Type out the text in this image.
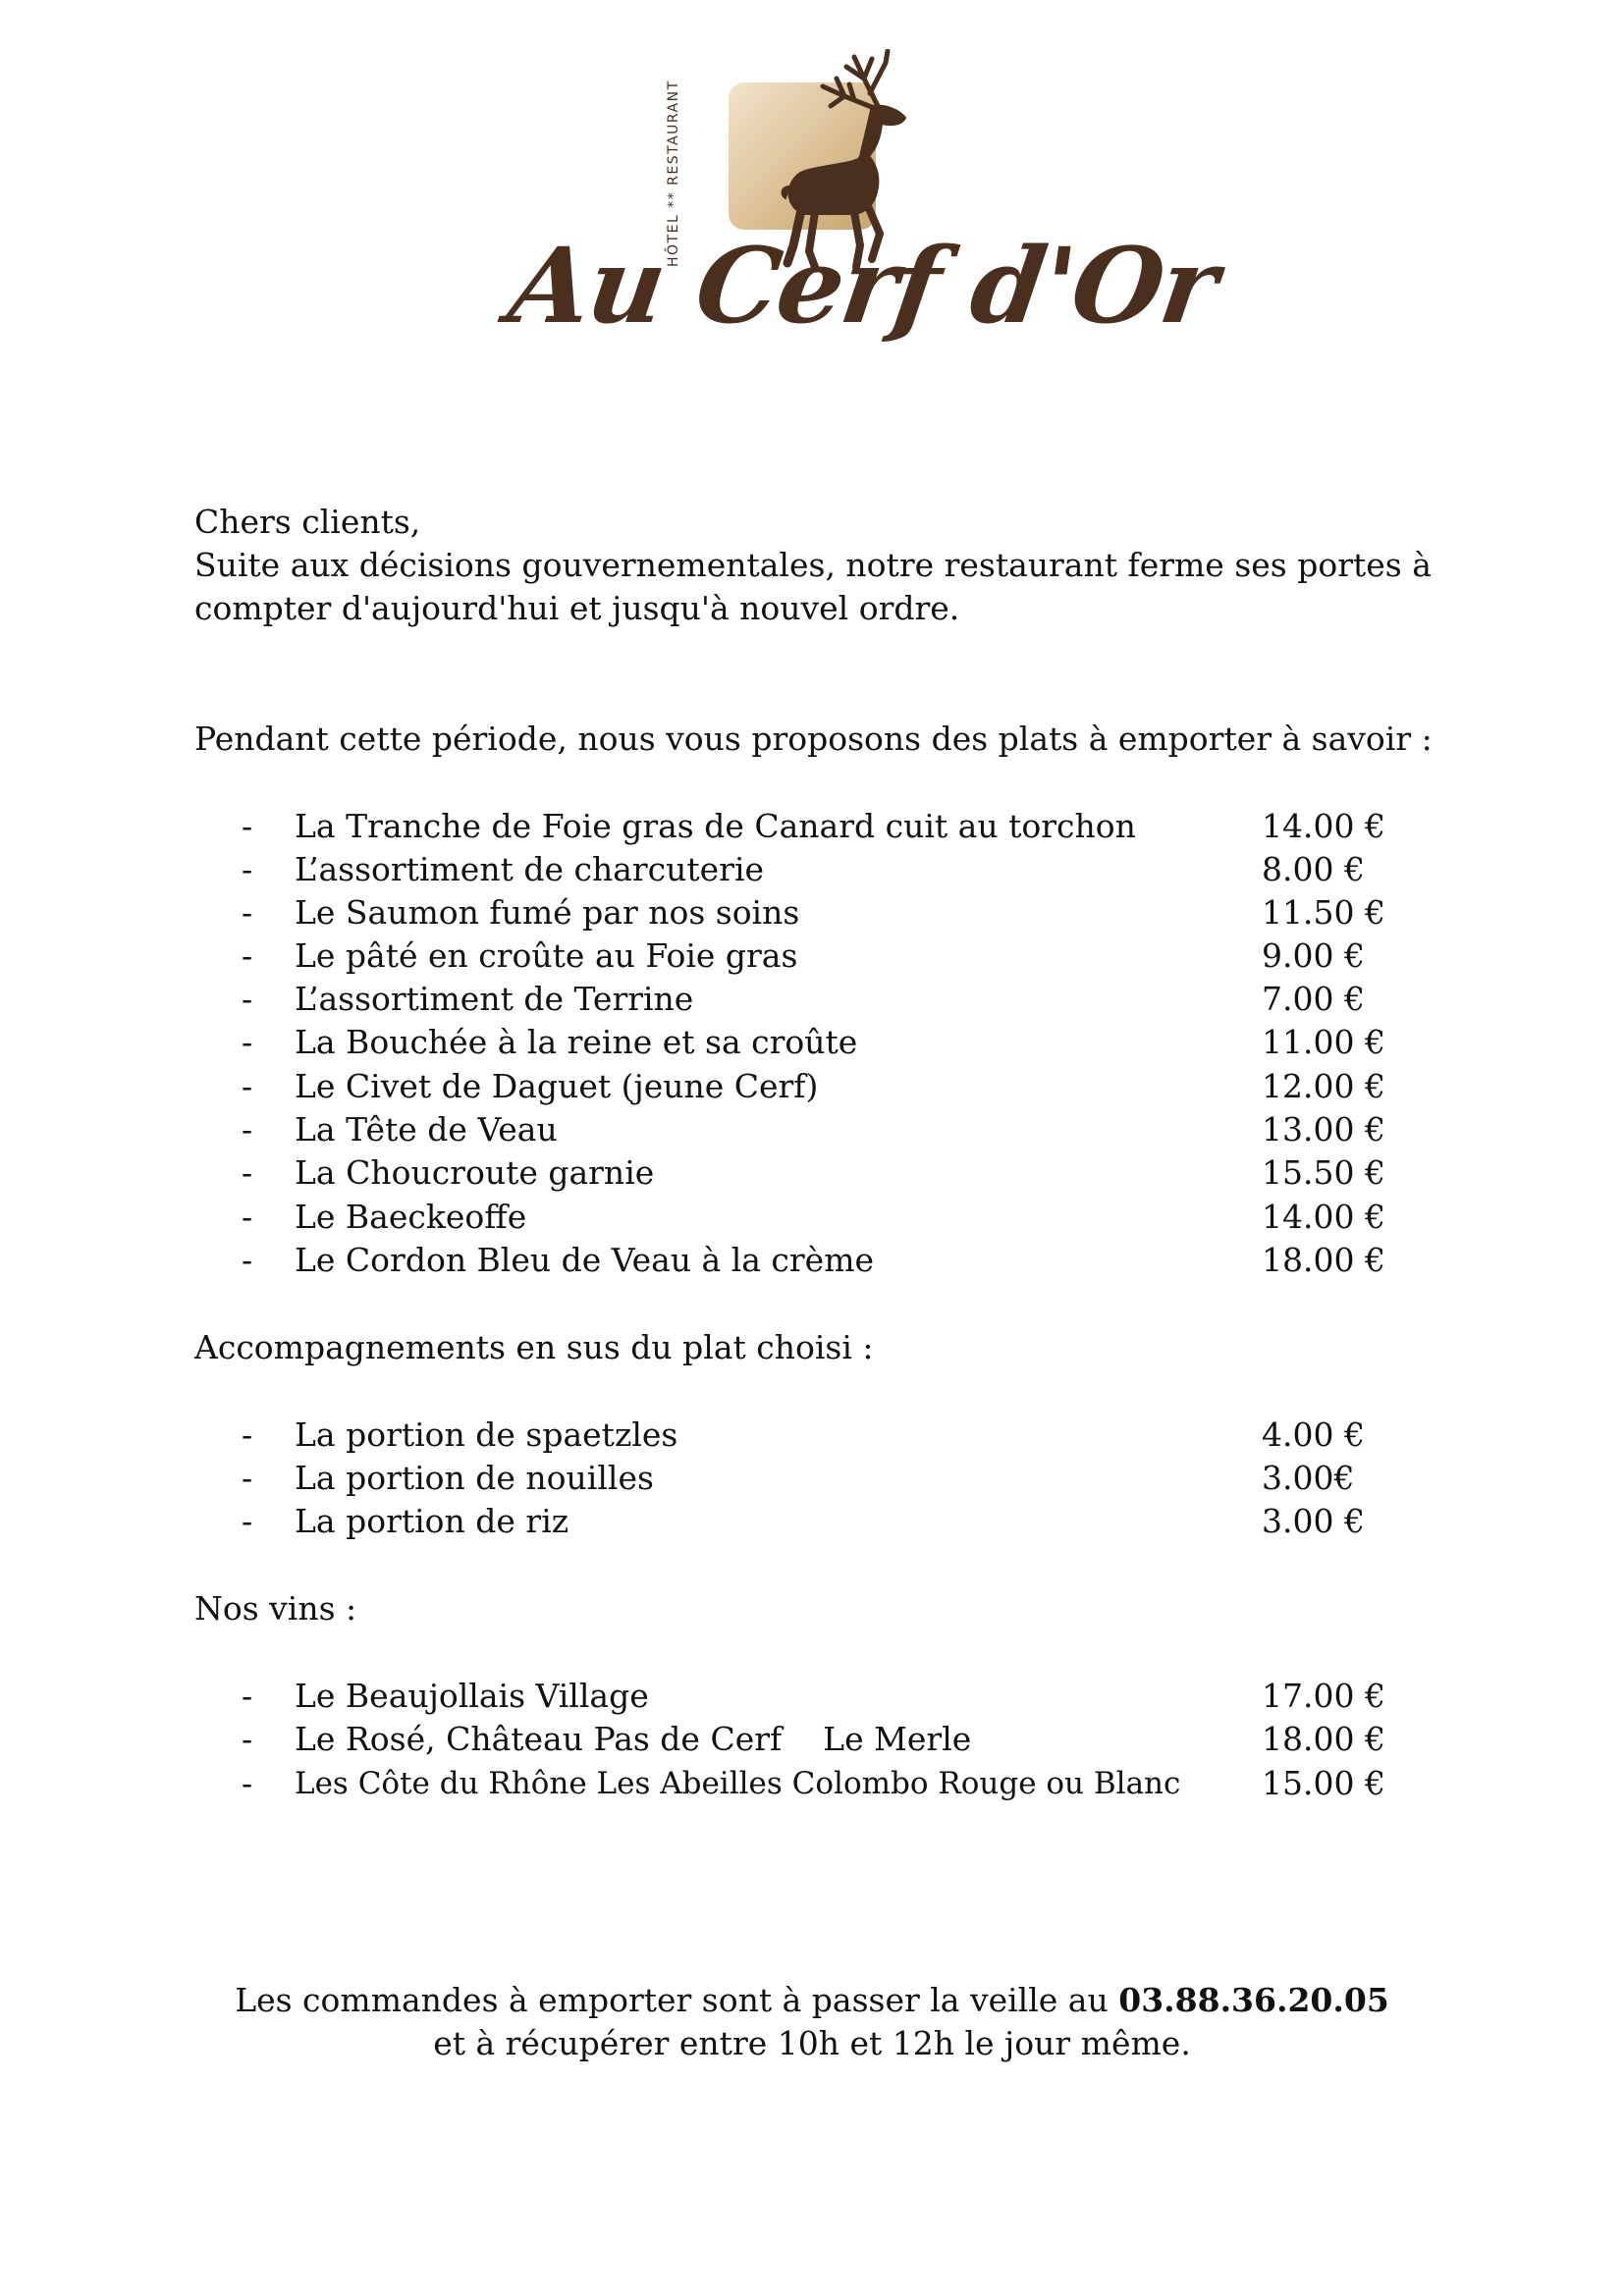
HÔTEL ** RESTAURANT
Au Cerf d'Or
Chers clients,
Suite aux décisions gouvernementales, notre restaurant ferme ses portes à
compter d'aujourd'hui et jusqu'à nouvel ordre.
Pendant cette période, nous vous proposons des plats à emporter à savoir :
- La Tranche de Foie gras de Canard cuit au torchon	14.00 €
- L’assortiment de charcuterie	8.00 €
- Le Saumon fumé par nos soins	11.50 €
- Le pâté en croûte au Foie gras	9.00 €
- L’assortiment de Terrine	7.00 €
- La Bouchée à la reine et sa croûte	11.00 €
- Le Civet de Daguet (jeune Cerf)	12.00 €
- La Tête de Veau	13.00 €
- La Choucroute garnie	15.50 €
- Le Baeckeoffe	14.00 €
- Le Cordon Bleu de Veau à la crème	18.00 €
Accompagnements en sus du plat choisi :
- La portion de spaetzles	4.00 €
- La portion de nouilles	3.00€
- La portion de riz	3.00 €
Nos vins :
- Le Beaujollais Village	17.00 €
- Le Rosé, Château Pas de Cerf    Le Merle	18.00 €
- Les Côte du Rhône Les Abeilles Colombo Rouge ou Blanc	15.00 €
Les commandes à emporter sont à passer la veille au 03.88.36.20.05
et à récupérer entre 10h et 12h le jour même.
